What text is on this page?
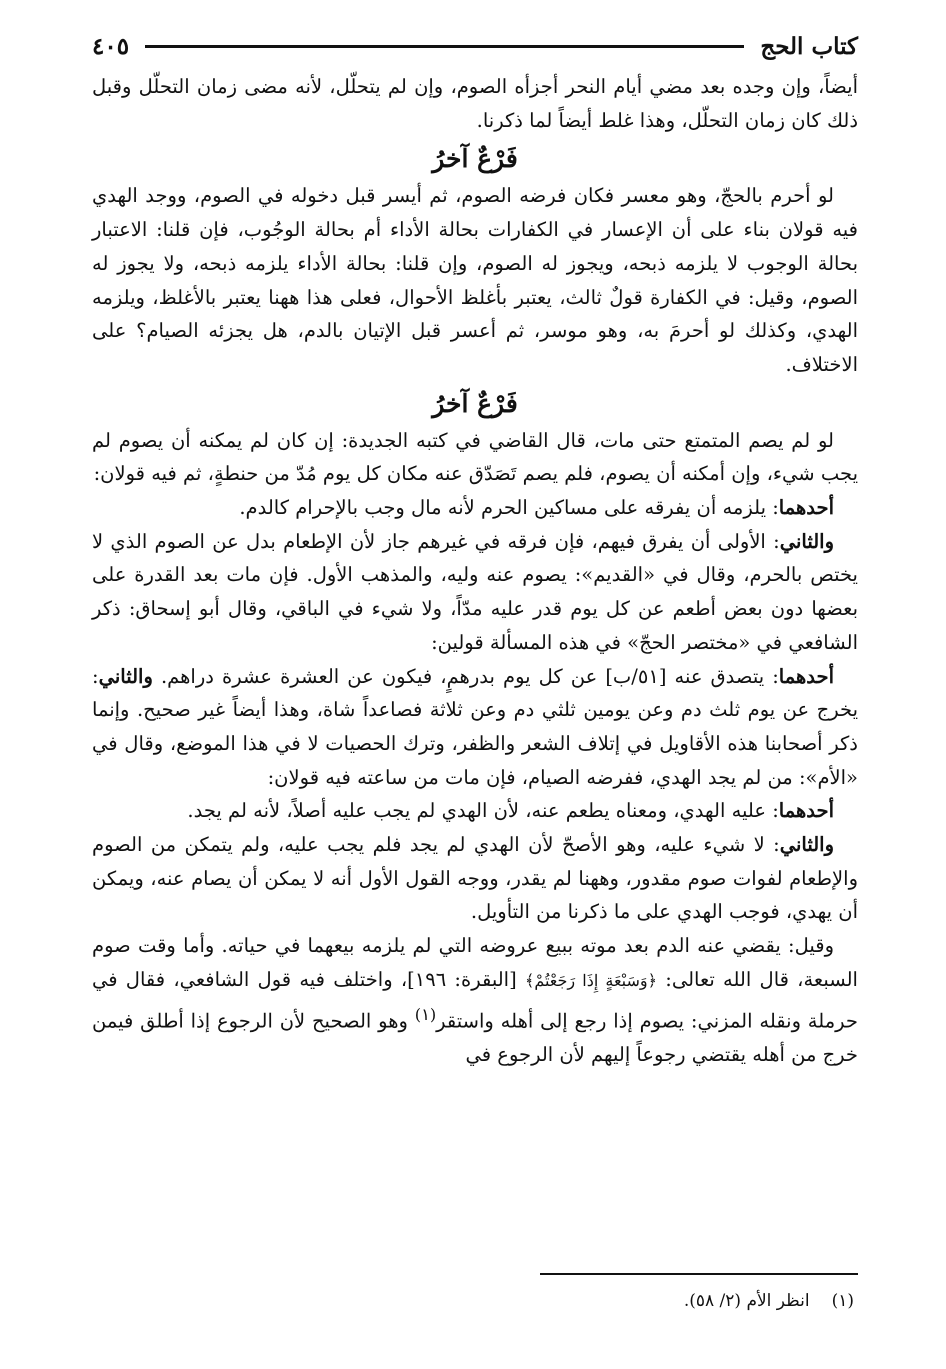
كتاب الحج
٤٠٥

أيضاً، وإن وجده بعد مضي أيام النحر أجزأه الصوم، وإن لم يتحلّل، لأنه مضى زمان التحلّل وقبل ذلك كان زمان التحلّل، وهذا غلط أيضاً لما ذكرنا.

فَرْعٌ آخرُ

لو أحرم بالحجّ، وهو معسر فكان فرضه الصوم، ثم أيسر قبل دخوله في الصوم، ووجد الهدي فيه قولان بناء على أن الإعسار في الكفارات بحالة الأداء أم بحالة الوجُوب، فإن قلنا: الاعتبار بحالة الوجوب لا يلزمه ذبحه، ويجوز له الصوم، وإن قلنا: بحالة الأداء يلزمه ذبحه، ولا يجوز له الصوم، وقيل: في الكفارة قولٌ ثالث، يعتبر بأغلظ الأحوال، فعلى هذا ههنا يعتبر بالأغلظ، ويلزمه الهدي، وكذلك لو أحرمَ به، وهو موسر، ثم أعسر قبل الإتيان بالدم، هل يجزئه الصيام؟ على الاختلاف.

فَرْعٌ آخرُ

لو لم يصم المتمتع حتى مات، قال القاضي في كتبه الجديدة: إن كان لم يمكنه أن يصوم لم يجب شيء، وإن أمكنه أن يصوم، فلم يصم تَصَدّق عنه مكان كل يوم مُدّ من حنطةٍ، ثم فيه قولان:

أحدهما: يلزمه أن يفرقه على مساكين الحرم لأنه مال وجب بالإحرام كالدم.

والثاني: الأولى أن يفرق فيهم، فإن فرقه في غيرهم جاز لأن الإطعام بدل عن الصوم الذي لا يختص بالحرم، وقال في «القديم»: يصوم عنه وليه، والمذهب الأول. فإن مات بعد القدرة على بعضها دون بعض أطعم عن كل يوم قدر عليه مدّاً، ولا شيء في الباقي، وقال أبو إسحاق: ذكر الشافعي في «مختصر الحجّ» في هذه المسألة قولين:

أحدهما: يتصدق عنه [٥١/ب] عن كل يوم بدرهمٍ، فيكون عن العشرة عشرة دراهم. والثاني: يخرج عن يوم ثلث دم وعن يومين ثلثي دم وعن ثلاثة فصاعداً شاة، وهذا أيضاً غير صحيح. وإنما ذكر أصحابنا هذه الأقاويل في إتلاف الشعر والظفر، وترك الحصيات لا في هذا الموضع، وقال في «الأم»: من لم يجد الهدي، ففرضه الصيام، فإن مات من ساعته فيه قولان:

أحدهما: عليه الهدي، ومعناه يطعم عنه، لأن الهدي لم يجب عليه أصلاً، لأنه لم يجد.

والثاني: لا شيء عليه، وهو الأصحّ لأن الهدي لم يجد فلم يجب عليه، ولم يتمكن من الصوم والإطعام لفوات صوم مقدور، وههنا لم يقدر، ووجه القول الأول أنه لا يمكن أن يصام عنه، ويمكن أن يهدي، فوجب الهدي على ما ذكرنا من التأويل.

وقيل: يقضي عنه الدم بعد موته ببيع عروضه التي لم يلزمه بيعهما في حياته. وأما وقت صوم السبعة، قال الله تعالى: ﴿وَسَبْعَةٍ إِذَا رَجَعْتُمْ﴾ [البقرة: ١٩٦]، واختلف فيه قول الشافعي، فقال في حرملة ونقله المزني: يصوم إذا رجع إلى أهله واستقر$^{(١)}$ وهو الصحيح لأن الرجوع إذا أطلق فيمن خرج من أهله يقتضي رجوعاً إليهم لأن الرجوع في

(١)انظر الأم (٢/ ٥٨).
